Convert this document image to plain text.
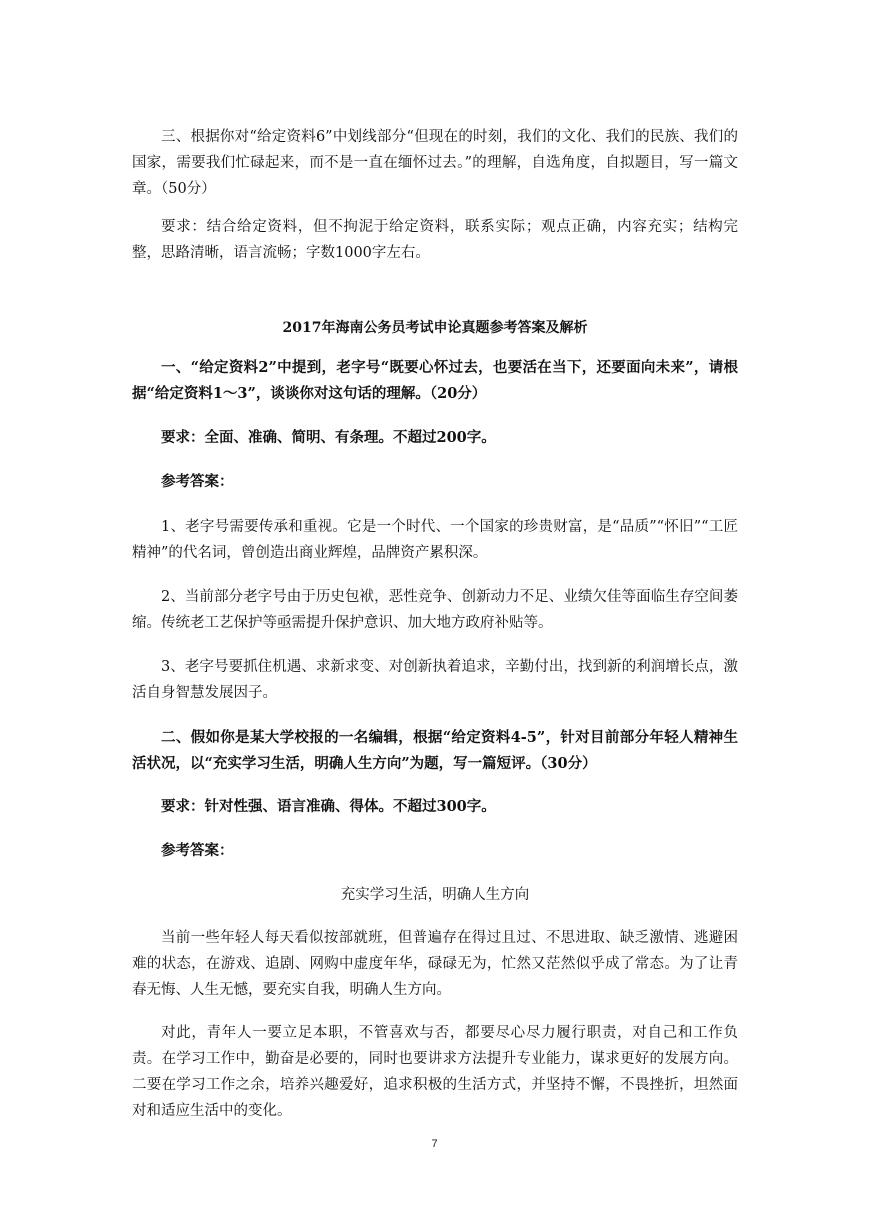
三、根据你对“给定资料6”中划线部分“但现在的时刻，我们的文化、我们的民族、我们的国家，需要我们忙碌起来，而不是一直在缅怀过去。”的理解，自选角度，自拟题目，写一篇文章。（50分）

要求：结合给定资料，但不拘泥于给定资料，联系实际；观点正确，内容充实；结构完整，思路清晰，语言流畅；字数1000字左右。

2017年海南公务员考试申论真题参考答案及解析

一、“给定资料2”中提到，老字号“既要心怀过去，也要活在当下，还要面向未来”，请根据“给定资料1～3”，谈谈你对这句话的理解。（20分）

要求：全面、准确、简明、有条理。不超过200字。

参考答案：

1、老字号需要传承和重视。它是一个时代、一个国家的珍贵财富，是“品质”“怀旧”“工匠精神”的代名词，曾创造出商业辉煌，品牌资产累积深。

2、当前部分老字号由于历史包袱，恶性竞争、创新动力不足、业绩欠佳等面临生存空间萎缩。传统老工艺保护等亟需提升保护意识、加大地方政府补贴等。

3、老字号要抓住机遇、求新求变、对创新执着追求，辛勤付出，找到新的利润增长点，激活自身智慧发展因子。

二、假如你是某大学校报的一名编辑，根据“给定资料4-5”，针对目前部分年轻人精神生活状况，以“充实学习生活，明确人生方向”为题，写一篇短评。（30分）

要求：针对性强、语言准确、得体。不超过300字。

参考答案：

充实学习生活，明确人生方向

当前一些年轻人每天看似按部就班，但普遍存在得过且过、不思进取、缺乏激情、逃避困难的状态，在游戏、追剧、网购中虚度年华，碌碌无为，忙然又茫然似乎成了常态。为了让青春无悔、人生无憾，要充实自我，明确人生方向。

对此，青年人一要立足本职，不管喜欢与否，都要尽心尽力履行职责，对自己和工作负责。在学习工作中，勤奋是必要的，同时也要讲求方法提升专业能力，谋求更好的发展方向。二要在学习工作之余，培养兴趣爱好，追求积极的生活方式，并坚持不懈，不畏挫折，坦然面对和适应生活中的变化。

7
